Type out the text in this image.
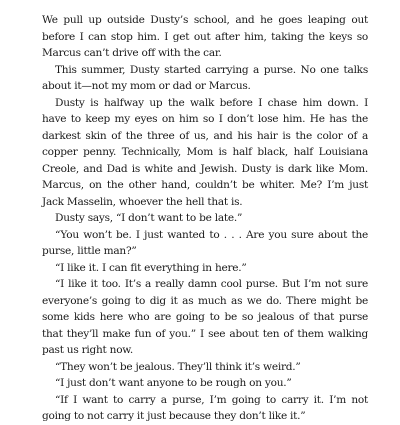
We pull up outside Dusty’s school, and he goes leaping out before I can stop him. I get out after him, taking the keys so Marcus can’t drive off with the car.

This summer, Dusty started carrying a purse. No one talks about it—not my mom or dad or Marcus.

Dusty is halfway up the walk before I chase him down. I have to keep my eyes on him so I don’t lose him. He has the darkest skin of the three of us, and his hair is the color of a copper penny. Technically, Mom is half black, half Louisiana Creole, and Dad is white and Jewish. Dusty is dark like Mom. Marcus, on the other hand, couldn’t be whiter. Me? I’m just Jack Masselin, whoever the hell that is.

Dusty says, “I don’t want to be late.”

“You won’t be. I just wanted to . . . Are you sure about the purse, little man?”

“I like it. I can fit everything in here.”

“I like it too. It’s a really damn cool purse. But I’m not sure everyone’s going to dig it as much as we do. There might be some kids here who are going to be so jealous of that purse that they’ll make fun of you.” I see about ten of them walking past us right now.

“They won’t be jealous. They’ll think it’s weird.”

“I just don’t want anyone to be rough on you.”

“If I want to carry a purse, I’m going to carry it. I’m not going to not carry it just because they don’t like it.”
